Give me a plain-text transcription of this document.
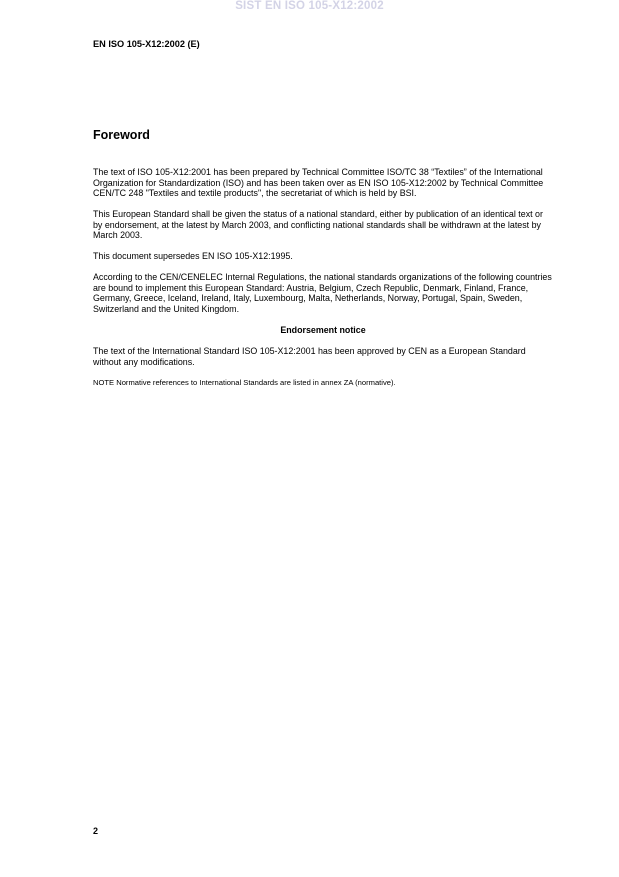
SIST EN ISO 105-X12:2002
EN ISO 105-X12:2002 (E)
Foreword

The text of ISO 105-X12:2001 has been prepared by Technical Committee ISO/TC 38 “Textiles” of the International Organization for Standardization (ISO) and has been taken over as EN ISO 105-X12:2002 by Technical Committee CEN/TC 248 "Textiles and textile products", the secretariat of which is held by BSI.

This European Standard shall be given the status of a national standard, either by publication of an identical text or by endorsement, at the latest by March 2003, and conflicting national standards shall be withdrawn at the latest by March 2003.

This document supersedes EN ISO 105-X12:1995.

According to the CEN/CENELEC Internal Regulations, the national standards organizations of the following countries are bound to implement this European Standard: Austria, Belgium, Czech Republic, Denmark, Finland, France, Germany, Greece, Iceland, Ireland, Italy, Luxembourg, Malta, Netherlands, Norway, Portugal, Spain, Sweden, Switzerland and the United Kingdom.

Endorsement notice

The text of the International Standard ISO 105-X12:2001 has been approved by CEN as a European Standard without any modifications.

NOTE Normative references to International Standards are listed in annex ZA (normative).

2
